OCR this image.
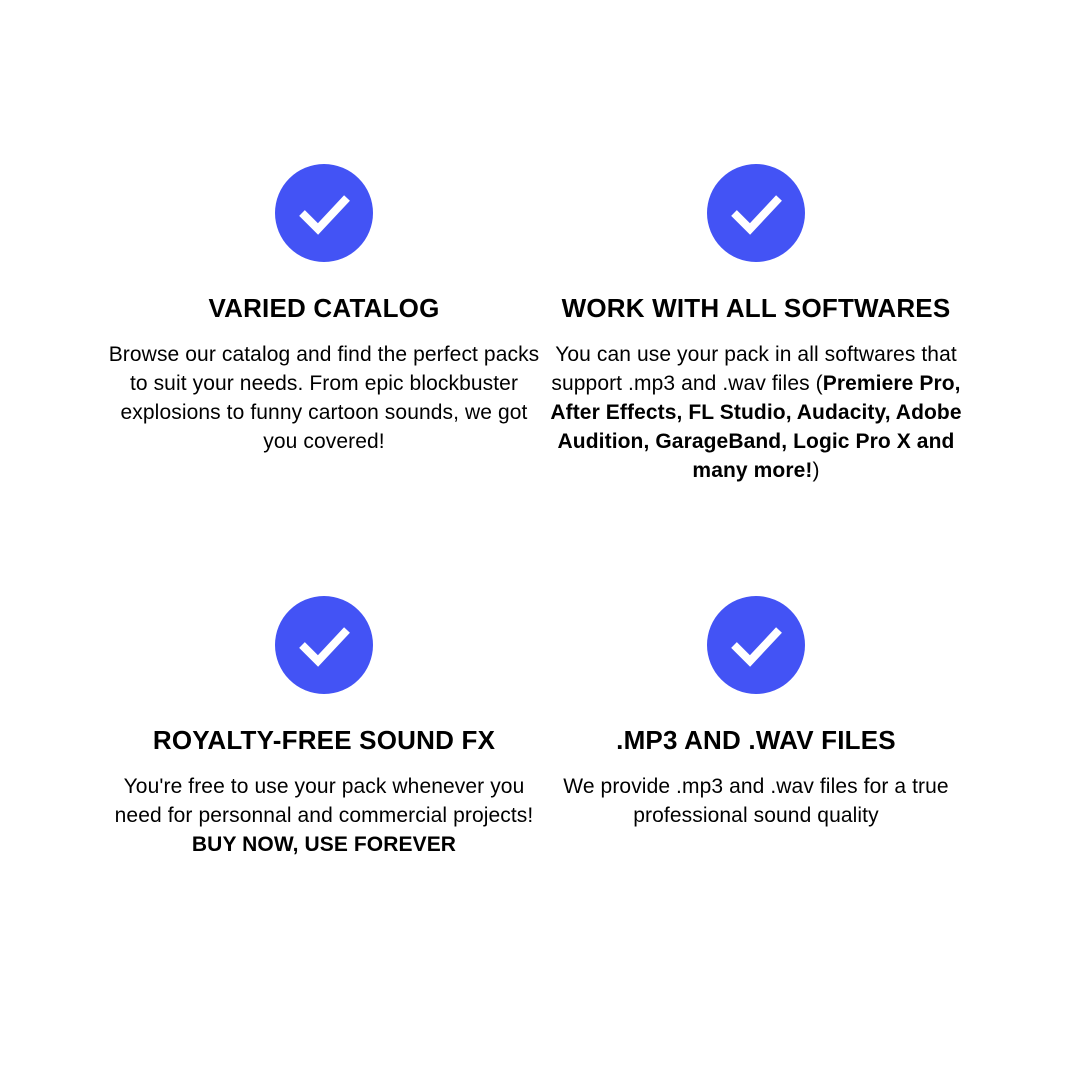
VARIED CATALOG
Browse our catalog and find the perfect packs to suit your needs. From epic blockbuster explosions to funny cartoon sounds, we got you covered!
WORK WITH ALL SOFTWARES
You can use your pack in all softwares that support .mp3 and .wav files (Premiere Pro, After Effects, FL Studio, Audacity, Adobe Audition, GarageBand, Logic Pro X and many more!)
ROYALTY-FREE SOUND FX
You're free to use your pack whenever you need for personnal and commercial projects! BUY NOW, USE FOREVER
.MP3 AND .WAV FILES
We provide .mp3 and .wav files for a true professional sound quality
